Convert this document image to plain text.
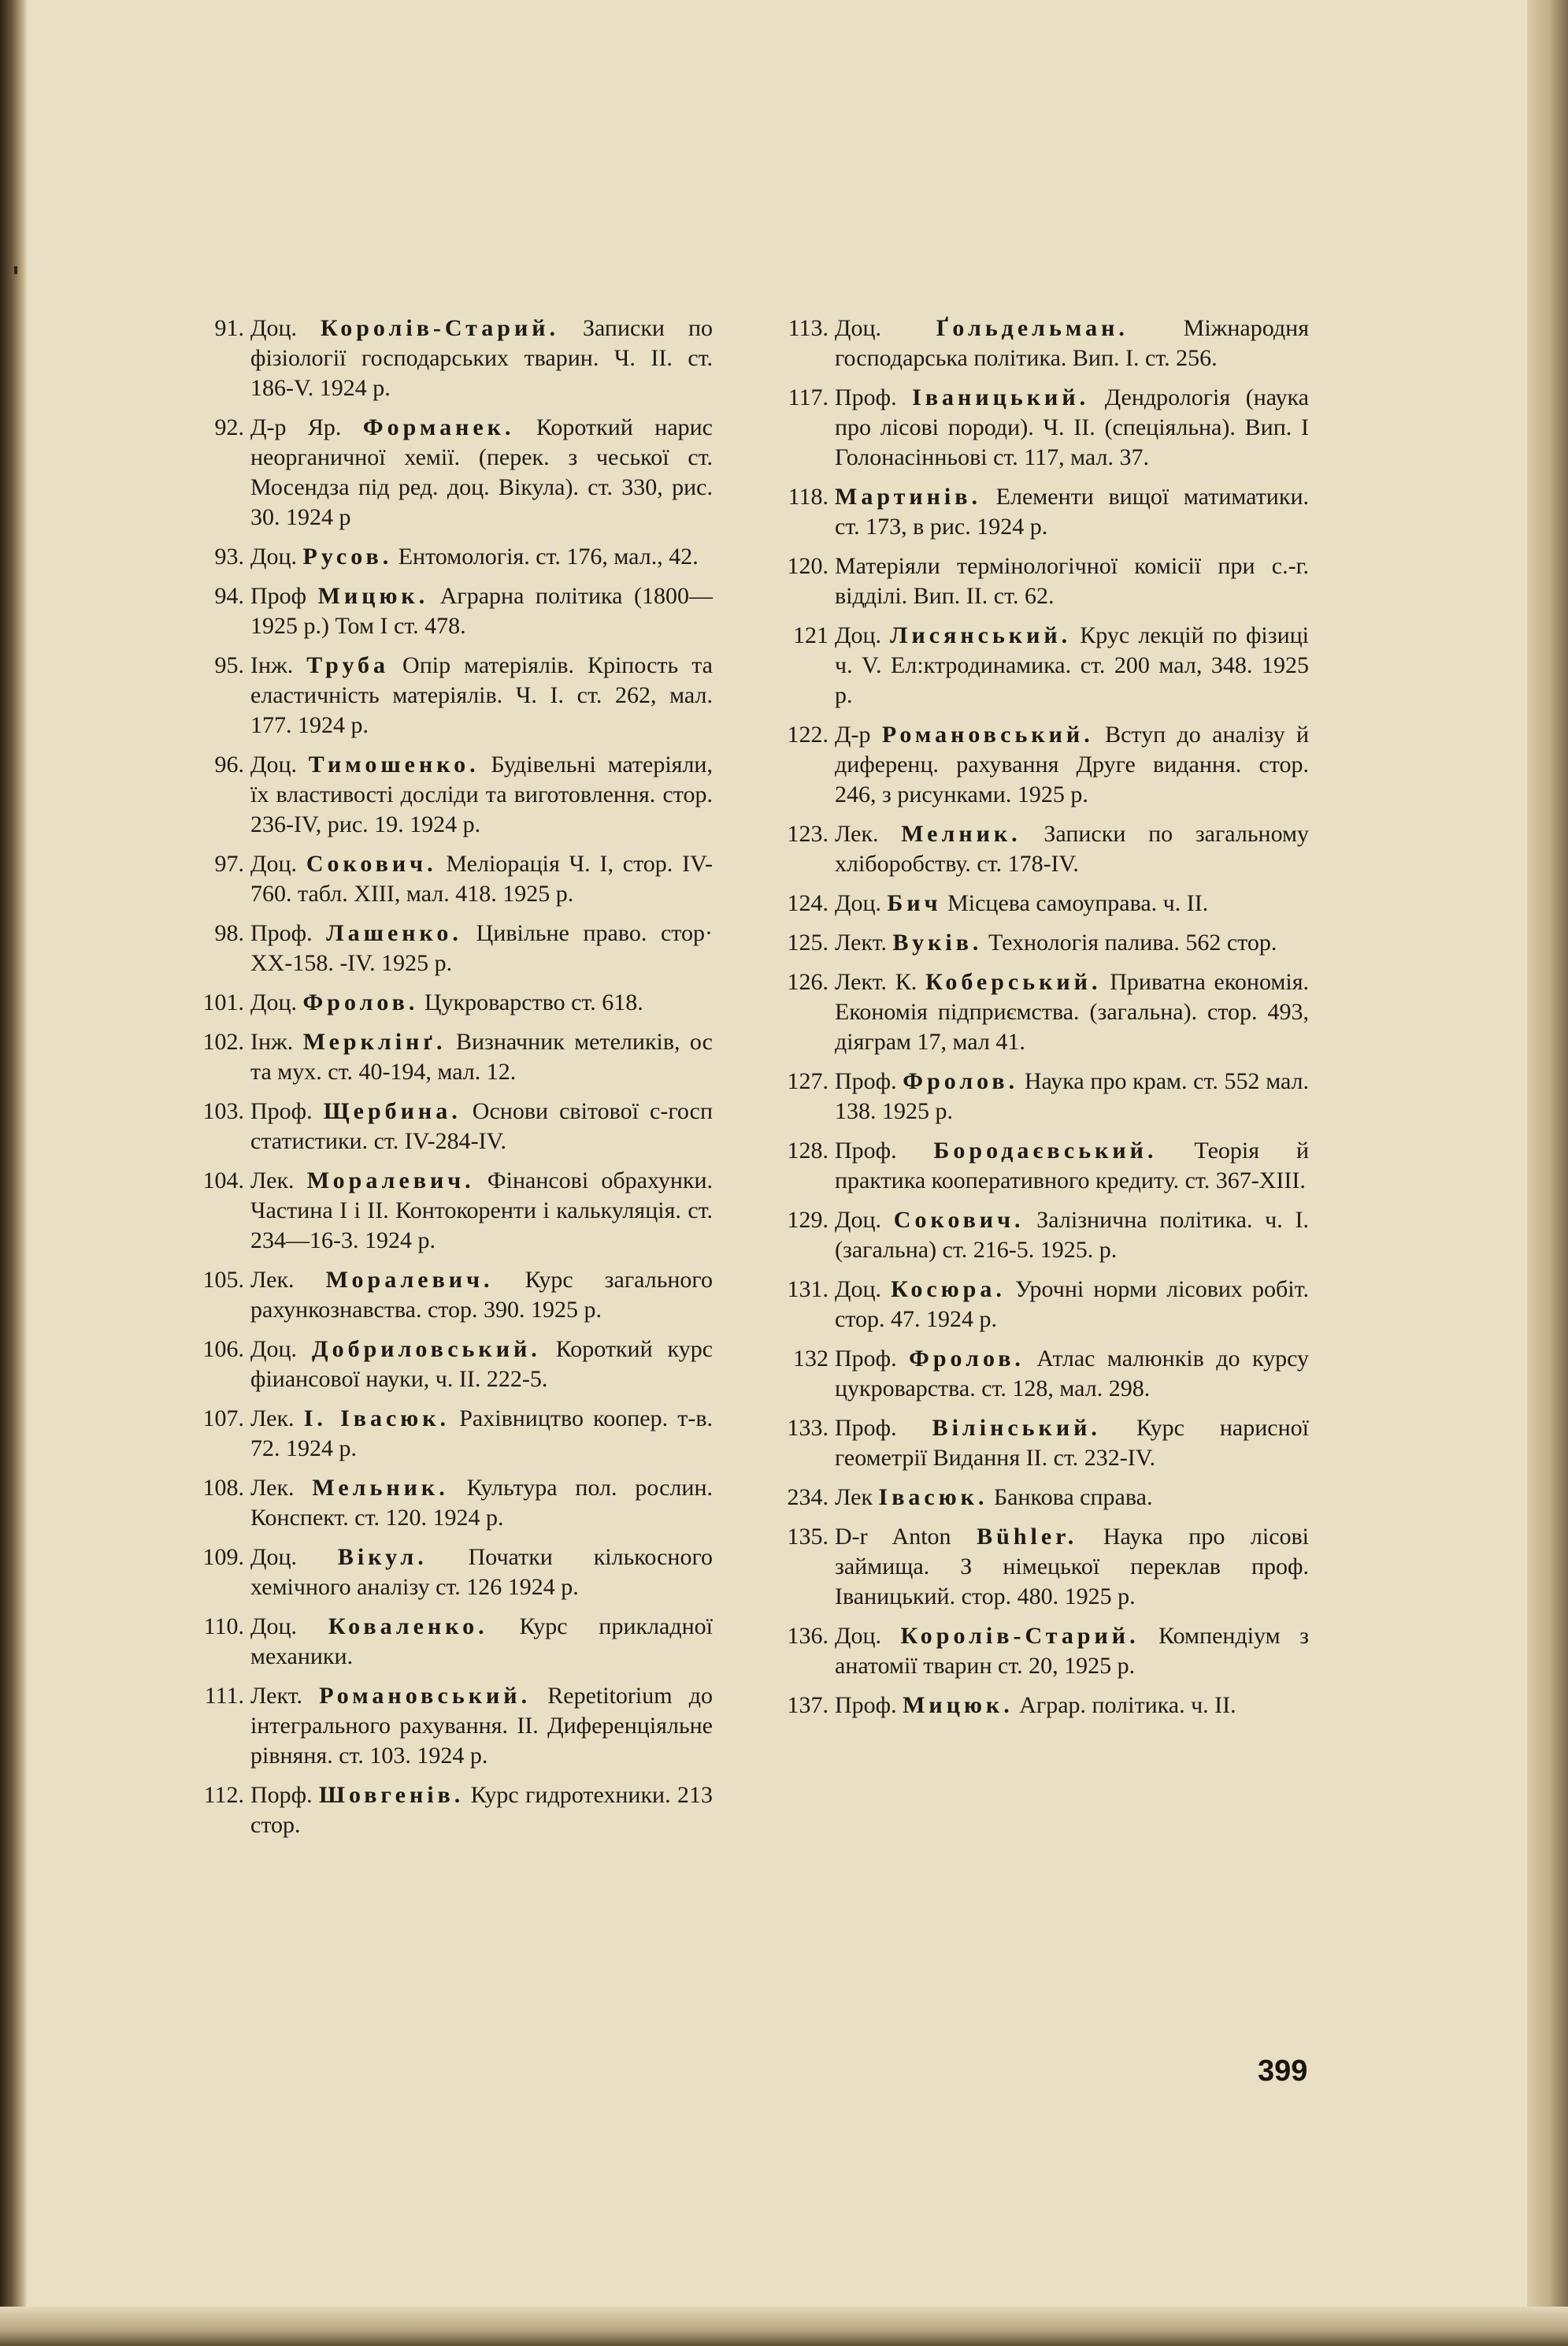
91. Доц. Королів-Старий. Записки по фізіології господарських тварин. Ч. II. ст. 186-V. 1924 р.
92. Д-р Яр. Форманек. Короткий нарис неорганичної хемії. (перек. з чеської ст. Мосендза під ред. доц. Вікула). ст. 330, рис. 30. 1924 р
93. Доц. Русов. Ентомологія. ст. 176, мал., 42.
94. Проф Мицюк. Аграрна політика (1800—1925 р.) Том I ст. 478.
95. Інж. Труба Опір матеріялів. Кріпость та еластичність матеріялів. Ч. I. ст. 262, мал. 177. 1924 р.
96. Доц. Тимошенко. Будівельні матеріяли, їх властивості досліди та виготовлення. стор. 236-IV, рис. 19. 1924 р.
97. Доц. Сокович. Меліорація Ч. I, стор. IV-760. табл. XIII, мал. 418. 1925 р.
98. Проф. Лашенко. Цивільне право. стор· XX-158. -IV. 1925 р.
101. Доц. Фролов. Цукроварство ст. 618.
102. Інж. Мерклінґ. Визначник метеликів, ос та мух. ст. 40-194, мал. 12.
103. Проф. Щербина. Основи світової с-госп статистики. ст. IV-284-IV.
104. Лек. Моралевич. Фінансові обрахунки. Частина I і II. Контокоренти і калькуляція. ст. 234—16-3. 1924 р.
105. Лек. Моралевич. Курс загального рахункознавства. стор. 390. 1925 р.
106. Доц. Добриловський. Короткий курс фіиансової науки, ч. II. 222-5.
107. Лек. І. Івасюк. Рахівництво коопер. т-в. 72. 1924 р.
108. Лек. Мельник. Культура пол. рослин. Конспект. ст. 120. 1924 р.
109. Доц. Вікул. Початки кількосного хемічного аналізу ст. 126 1924 р.
110. Доц. Коваленко. Курс прикладної механики.
111. Лект. Романовський. Repetitorium до інтегрального рахування. II. Диференціяльне рівняня. ст. 103. 1924 р.
112. Порф. Шовгенів. Курс гидротехники. 213 стор.
113. Доц. Ґольдельман. Міжнародня господарська політика. Вип. I. ст. 256.
117. Проф. Іваницький. Дендрологія (наука про лісові породи). Ч. II. (спеціяльна). Вип. I Голонасінньові ст. 117, мал. 37.
118. Мартинів. Елементи вищої матиматики. ст. 173, в рис. 1924 р.
120. Матеріяли термінологічної комісії при с.-г. відділі. Вип. II. ст. 62.
121 Доц. Лисянський. Крус лекцій по фізиці ч. V. Ел:ктродинамика. ст. 200 мал, 348. 1925 р.
122. Д-р Романовський. Вступ до аналізу й диференц. рахування Друге видання. стор. 246, з рисунками. 1925 р.
123. Лек. Мелник. Записки по загальному хліборобству. ст. 178-IV.
124. Доц. Бич Місцева самоуправа. ч. II.
125. Лект. Вуків. Технологія палива. 562 стор.
126. Лект. К. Коберський. Приватна економія. Економія підприємства. (загальна). стор. 493, діяграм 17, мал 41.
127. Проф. Фролов. Наука про крам. ст. 552 мал. 138. 1925 р.
128. Проф. Бородаєвський. Теорія й практика кооперативного кредиту. ст. 367-XIII.
129. Доц. Сокович. Залізнична політика. ч. I. (загальна) ст. 216-5. 1925. р.
131. Доц. Косюра. Урочні норми лісових робіт. стор. 47. 1924 р.
132 Проф. Фролов. Атлас малюнків до курсу цукроварства. ст. 128, мал. 298.
133. Проф. Вілінський. Курс нарисної геометрії Видання II. ст. 232-IV.
234. Лек Івасюк. Банкова справа.
135. D-r Anton Bühler. Наука про лісові займища. З німецької переклав проф. Іваницький. стор. 480. 1925 р.
136. Доц. Королів-Старий. Компендіум з анатомії тварин ст. 20, 1925 р.
137. Проф. Мицюк. Аграр. політика. ч. II.
399
